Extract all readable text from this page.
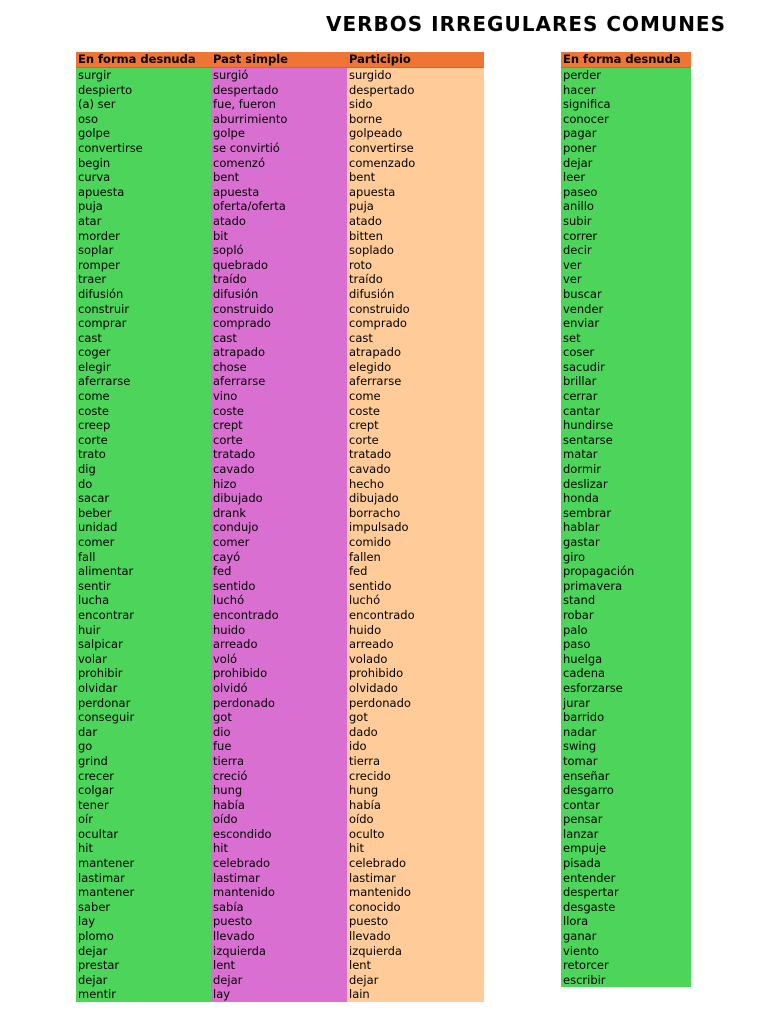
VERBOS IRREGULARES COMUNES
En forma desnuda
surgir
despierto
(a) ser
oso
golpe
convertirse
begin
curva
apuesta
puja
atar
morder
soplar
romper
traer
difusión
construir
comprar
cast
coger
elegir
aferrarse
come
coste
creep
corte
trato
dig
do
sacar
beber
unidad
comer
fall
alimentar
sentir
lucha
encontrar
huir
salpicar
volar
prohibir
olvidar
perdonar
conseguir
dar
go
grind
crecer
colgar
tener
oír
ocultar
hit
mantener
lastimar
mantener
saber
lay
plomo
dejar
prestar
dejar
mentir
Past simple
surgió
despertado
fue, fueron
aburrimiento
golpe
se convirtió
comenzó
bent
apuesta
oferta/oferta
atado
bit
sopló
quebrado
traído
difusión
construido
comprado
cast
atrapado
chose
aferrarse
vino
coste
crept
corte
tratado
cavado
hizo
dibujado
drank
condujo
comer
cayó
fed
sentido
luchó
encontrado
huido
arreado
voló
prohibido
olvidó
perdonado
got
dio
fue
tierra
creció
hung
había
oído
escondido
hit
celebrado
lastimar
mantenido
sabía
puesto
llevado
izquierda
lent
dejar
lay
Participio
surgido
despertado
sido
borne
golpeado
convertirse
comenzado
bent
apuesta
puja
atado
bitten
soplado
roto
traído
difusión
construido
comprado
cast
atrapado
elegido
aferrarse
come
coste
crept
corte
tratado
cavado
hecho
dibujado
borracho
impulsado
comido
fallen
fed
sentido
luchó
encontrado
huido
arreado
volado
prohibido
olvidado
perdonado
got
dado
ido
tierra
crecido
hung
había
oído
oculto
hit
celebrado
lastimar
mantenido
conocido
puesto
llevado
izquierda
lent
dejar
lain
En forma desnuda
perder
hacer
significa
conocer
pagar
poner
dejar
leer
paseo
anillo
subir
correr
decir
ver
ver
buscar
vender
enviar
set
coser
sacudir
brillar
cerrar
cantar
hundirse
sentarse
matar
dormir
deslizar
honda
sembrar
hablar
gastar
giro
propagación
primavera
stand
robar
palo
paso
huelga
cadena
esforzarse
jurar
barrido
nadar
swing
tomar
enseñar
desgarro
contar
pensar
lanzar
empuje
pisada
entender
despertar
desgaste
llora
ganar
viento
retorcer
escribir
